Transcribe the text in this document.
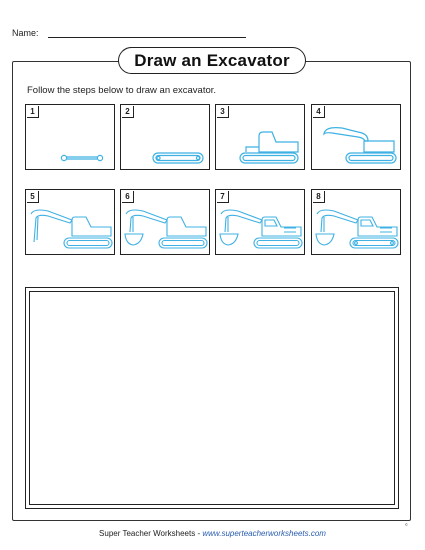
Name:
Draw an Excavator
Follow the steps below to draw an excavator.
1	2	3	4
5	6	7	8
Super Teacher Worksheets - www.superteacherworksheets.com
©
